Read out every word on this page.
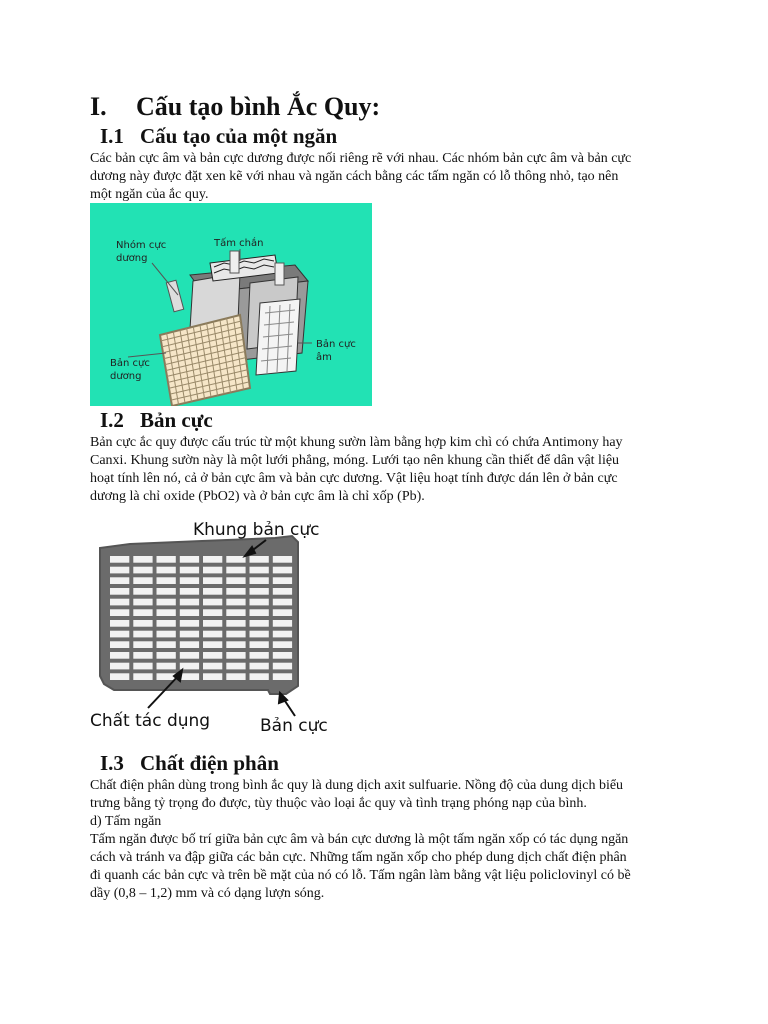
I. Cấu tạo bình Ắc Quy:
I.1 Cấu tạo của một ngăn
Các bản cực âm và bản cực dương được nối riêng rẽ với nhau. Các nhóm bản cực âm và bản cực
dương này được đặt xen kẽ với nhau và ngăn cách bằng các tấm ngăn có lỗ thông nhỏ, tạo nên
một ngăn của ắc quy.
Nhóm cực
dương
Tấm chắn
Bản cực
âm
Bản cực
dương
I.2 Bản cực
Bản cực ắc quy được cấu trúc từ một khung sườn làm bằng hợp kim chì có chứa Antimony hay
Canxi. Khung sườn này là một lưới phẳng, móng. Lưới tạo nên khung cần thiết để dân vật liệu
hoạt tính lên nó, cả ở bản cực âm và bản cực dương. Vật liệu hoạt tính được dán lên ở bản cực
dương là chỉ oxide (PbO2) và ở bản cực âm là chỉ xốp (Pb).
Khung bản cực
Chất tác dụng	Bản cực
I.3 Chất điện phân
Chất điện phân dùng trong bình ắc quy là dung dịch axit sulfuarie. Nồng độ của dung dịch biểu
trưng bằng tỷ trọng đo được, tùy thuộc vào loại ắc quy và tình trạng phóng nạp của bình.
d) Tấm ngăn
Tấm ngăn được bố trí giữa bản cực âm và bán cực dương là một tấm ngăn xốp có tác dụng ngăn
cách và tránh va đập giữa các bản cực. Những tấm ngăn xốp cho phép dung dịch chất điện phân
đi quanh các bản cực và trên bề mặt của nó có lỗ. Tấm ngân làm bằng vật liệu policlovinyl có bề
dầy (0,8 – 1,2) mm và có dạng lượn sóng.
